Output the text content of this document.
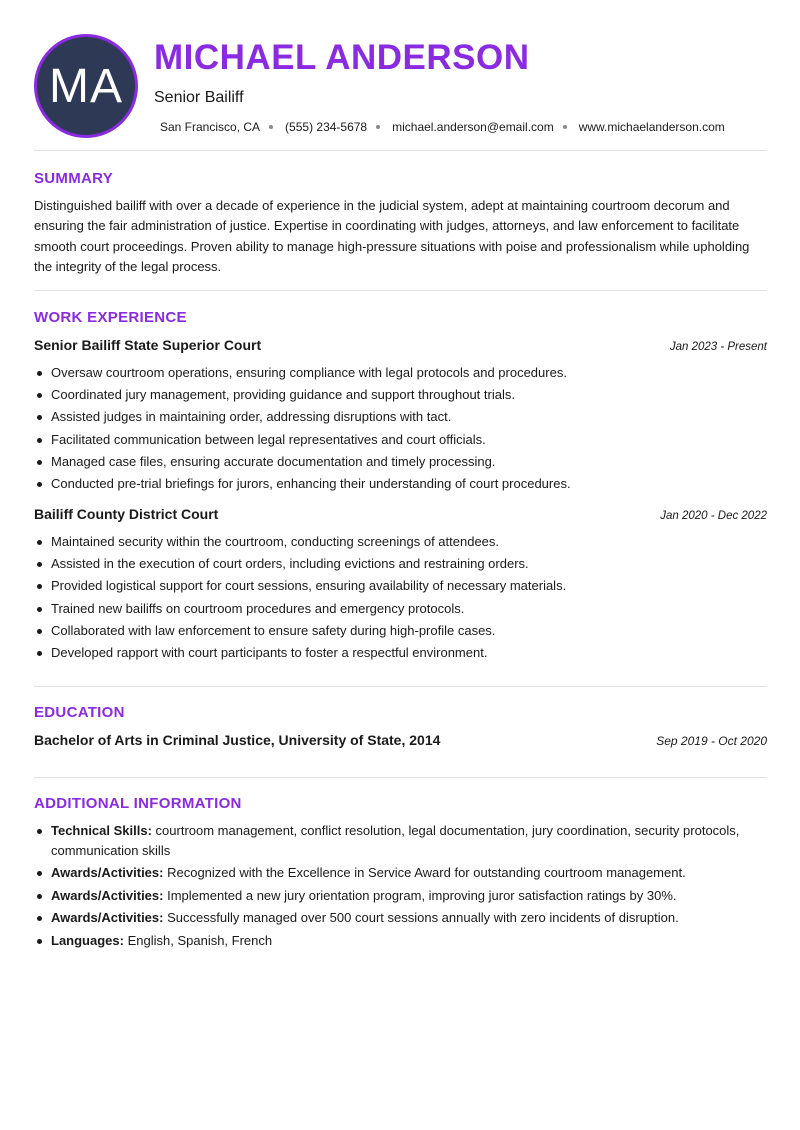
MA
MICHAEL ANDERSON
Senior Bailiff
San Francisco, CA (555) 234-5678 michael.anderson@email.com www.michaelanderson.com
SUMMARY
Distinguished bailiff with over a decade of experience in the judicial system, adept at maintaining courtroom decorum and ensuring the fair administration of justice. Expertise in coordinating with judges, attorneys, and law enforcement to facilitate smooth court proceedings. Proven ability to manage high-pressure situations with poise and professionalism while upholding the integrity of the legal process.
WORK EXPERIENCE
Senior Bailiff State Superior Court	Jan 2023 - Present
Oversaw courtroom operations, ensuring compliance with legal protocols and procedures.
Coordinated jury management, providing guidance and support throughout trials.
Assisted judges in maintaining order, addressing disruptions with tact.
Facilitated communication between legal representatives and court officials.
Managed case files, ensuring accurate documentation and timely processing.
Conducted pre-trial briefings for jurors, enhancing their understanding of court procedures.
Bailiff County District Court	Jan 2020 - Dec 2022
Maintained security within the courtroom, conducting screenings of attendees.
Assisted in the execution of court orders, including evictions and restraining orders.
Provided logistical support for court sessions, ensuring availability of necessary materials.
Trained new bailiffs on courtroom procedures and emergency protocols.
Collaborated with law enforcement to ensure safety during high-profile cases.
Developed rapport with court participants to foster a respectful environment.
EDUCATION
Bachelor of Arts in Criminal Justice, University of State, 2014	Sep 2019 - Oct 2020
ADDITIONAL INFORMATION
Technical Skills: courtroom management, conflict resolution, legal documentation, jury coordination, security protocols, communication skills
Awards/Activities: Recognized with the Excellence in Service Award for outstanding courtroom management.
Awards/Activities: Implemented a new jury orientation program, improving juror satisfaction ratings by 30%.
Awards/Activities: Successfully managed over 500 court sessions annually with zero incidents of disruption.
Languages: English, Spanish, French
